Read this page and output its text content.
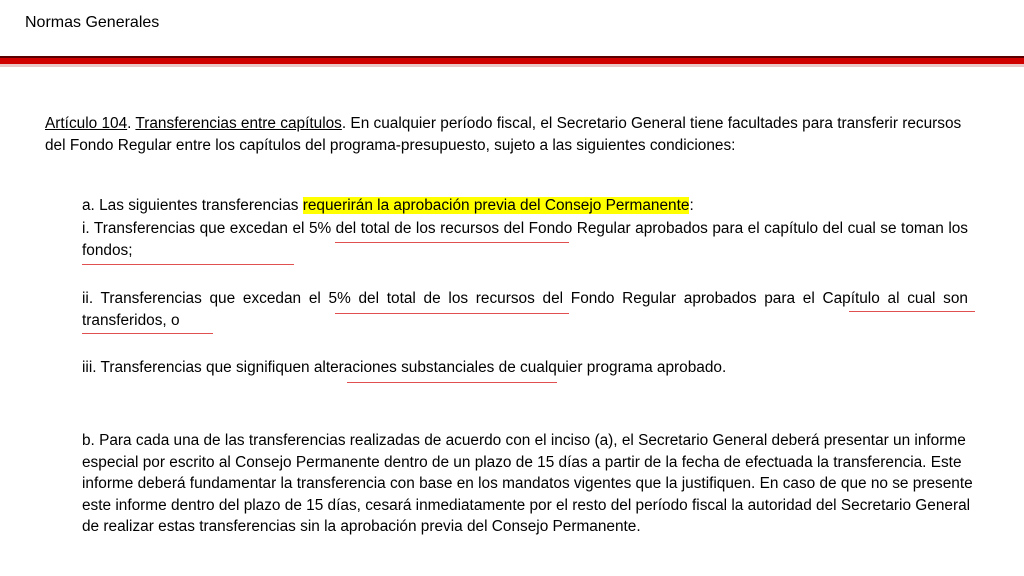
Normas Generales
Artículo 104. Transferencias entre capítulos. En cualquier período fiscal, el Secretario General tiene facultades para transferir recursos del Fondo Regular entre los capítulos del programa-presupuesto, sujeto a las siguientes condiciones:
a. Las siguientes transferencias requerirán la aprobación previa del Consejo Permanente:
i. Transferencias que excedan el 5% del total de los recursos del Fondo Regular aprobados para el capítulo del cual se toman los fondos;
ii. Transferencias que excedan el 5% del total de los recursos del Fondo Regular aprobados para el Capítulo al cual son transferidos, o
iii. Transferencias que signifiquen alteraciones substanciales de cualquier programa aprobado.
b. Para cada una de las transferencias realizadas de acuerdo con el inciso (a), el Secretario General deberá presentar un informe especial por escrito al Consejo Permanente dentro de un plazo de 15 días a partir de la fecha de efectuada la transferencia. Este informe deberá fundamentar la transferencia con base en los mandatos vigentes que la justifiquen. En caso de que no se presente este informe dentro del plazo de 15 días, cesará inmediatamente por el resto del período fiscal la autoridad del Secretario General de realizar estas transferencias sin la aprobación previa del Consejo Permanente.
